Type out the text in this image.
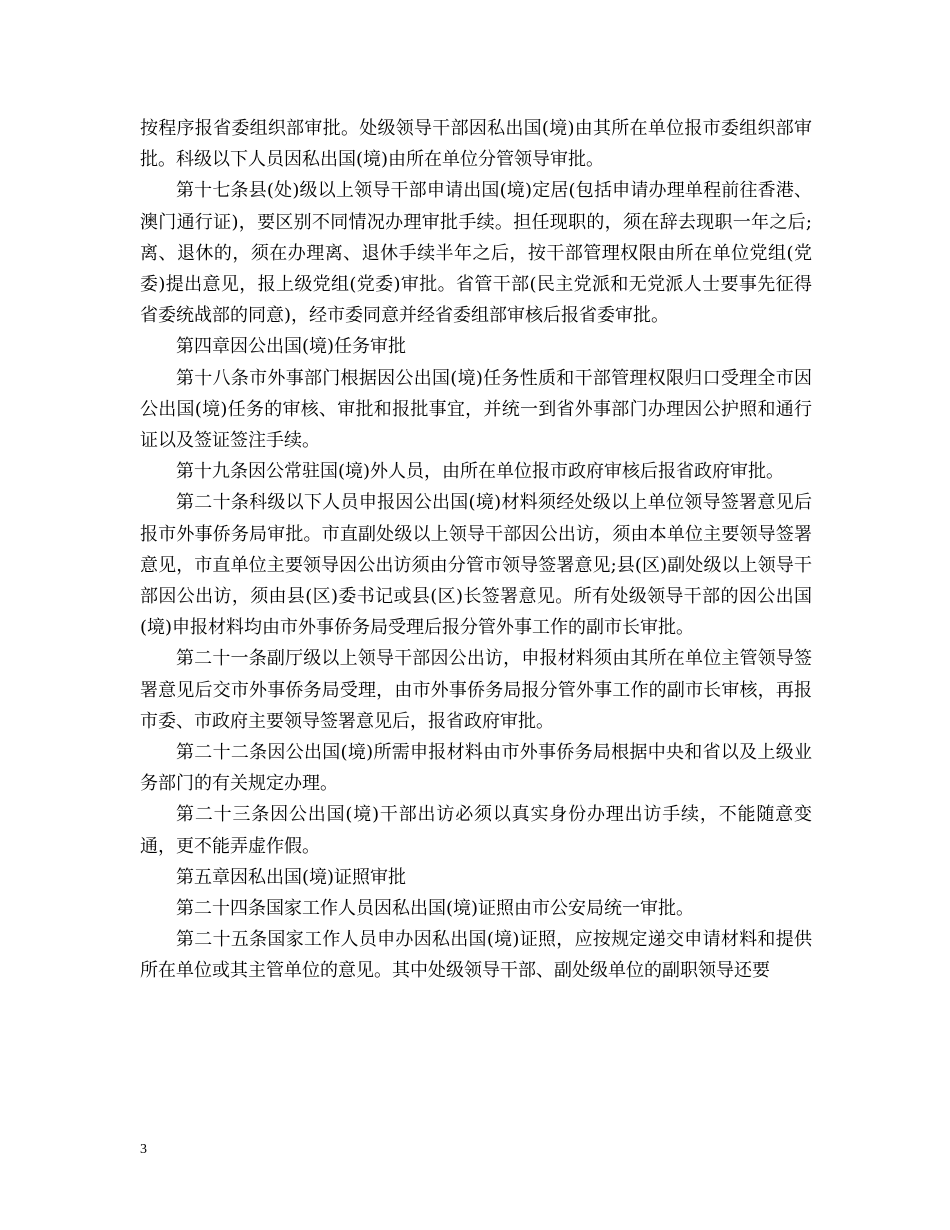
按程序报省委组织部审批。处级领导干部因私出国(境)由其所在单位报市委组织部审批。科级以下人员因私出国(境)由所在单位分管领导审批。

第十七条县(处)级以上领导干部申请出国(境)定居(包括申请办理单程前往香港、澳门通行证)，要区别不同情况办理审批手续。担任现职的，须在辞去现职一年之后;离、退休的，须在办理离、退休手续半年之后，按干部管理权限由所在单位党组(党委)提出意见，报上级党组(党委)审批。省管干部(民主党派和无党派人士要事先征得省委统战部的同意)，经市委同意并经省委组部审核后报省委审批。

第四章因公出国(境)任务审批

第十八条市外事部门根据因公出国(境)任务性质和干部管理权限归口受理全市因公出国(境)任务的审核、审批和报批事宜，并统一到省外事部门办理因公护照和通行证以及签证签注手续。

第十九条因公常驻国(境)外人员，由所在单位报市政府审核后报省政府审批。

第二十条科级以下人员申报因公出国(境)材料须经处级以上单位领导签署意见后报市外事侨务局审批。市直副处级以上领导干部因公出访，须由本单位主要领导签署意见，市直单位主要领导因公出访须由分管市领导签署意见;县(区)副处级以上领导干部因公出访，须由县(区)委书记或县(区)长签署意见。所有处级领导干部的因公出国(境)申报材料均由市外事侨务局受理后报分管外事工作的副市长审批。

第二十一条副厅级以上领导干部因公出访，申报材料须由其所在单位主管领导签署意见后交市外事侨务局受理，由市外事侨务局报分管外事工作的副市长审核，再报市委、市政府主要领导签署意见后，报省政府审批。

第二十二条因公出国(境)所需申报材料由市外事侨务局根据中央和省以及上级业务部门的有关规定办理。

第二十三条因公出国(境)干部出访必须以真实身份办理出访手续，不能随意变通，更不能弄虚作假。

第五章因私出国(境)证照审批

第二十四条国家工作人员因私出国(境)证照由市公安局统一审批。

第二十五条国家工作人员申办因私出国(境)证照，应按规定递交申请材料和提供所在单位或其主管单位的意见。其中处级领导干部、副处级单位的副职领导还要

3
